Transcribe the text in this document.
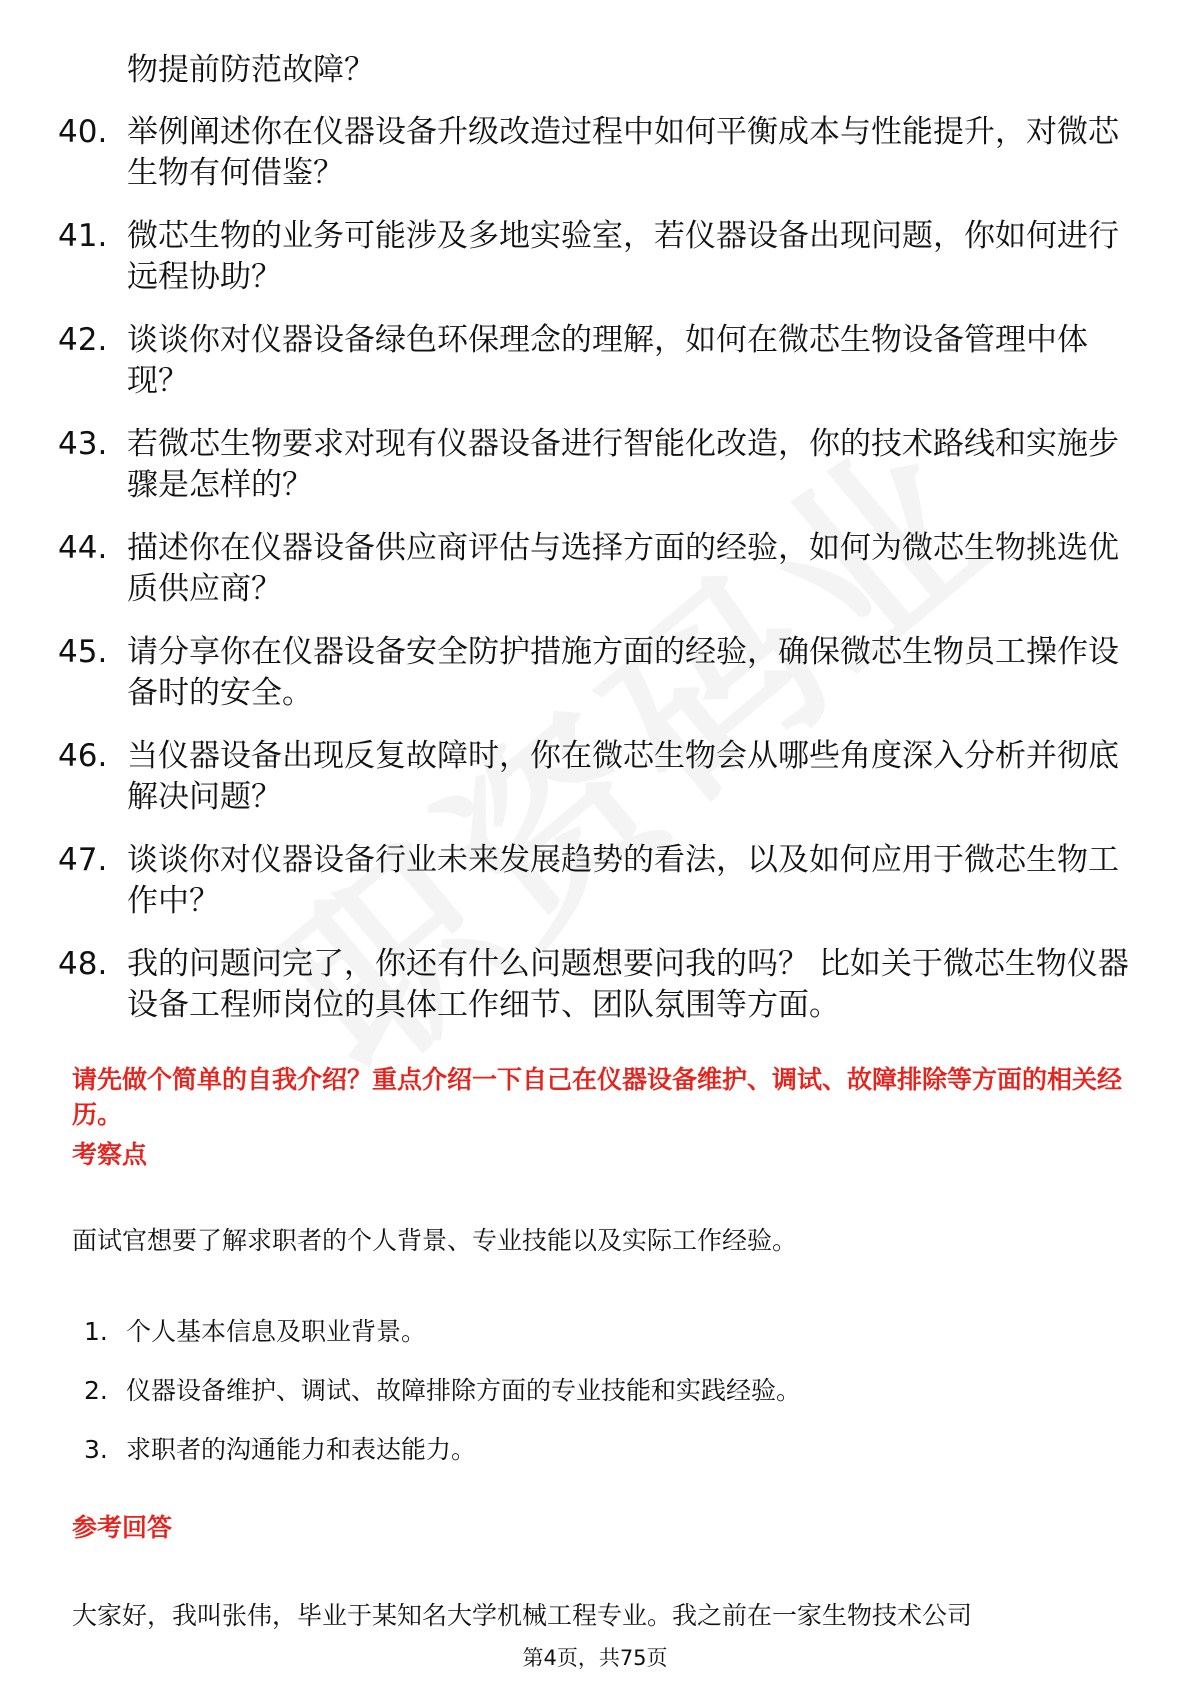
物提前防范故障？
40. 举例阐述你在仪器设备升级改造过程中如何平衡成本与性能提升，对微芯生物有何借鉴？
41. 微芯生物的业务可能涉及多地实验室，若仪器设备出现问题，你如何进行远程协助？
42. 谈谈你对仪器设备绿色环保理念的理解，如何在微芯生物设备管理中体现？
43. 若微芯生物要求对现有仪器设备进行智能化改造，你的技术路线和实施步骤是怎样的？
44. 描述你在仪器设备供应商评估与选择方面的经验，如何为微芯生物挑选优质供应商？
45. 请分享你在仪器设备安全防护措施方面的经验，确保微芯生物员工操作设备时的安全。
46. 当仪器设备出现反复故障时，你在微芯生物会从哪些角度深入分析并彻底解决问题？
47. 谈谈你对仪器设备行业未来发展趋势的看法，以及如何应用于微芯生物工作中？
48. 我的问题问完了，你还有什么问题想要问我的吗？ 比如关于微芯生物仪器设备工程师岗位的具体工作细节、团队氛围等方面。
请先做个简单的自我介绍？重点介绍一下自己在仪器设备维护、调试、故障排除等方面的相关经历。
考察点
面试官想要了解求职者的个人背景、专业技能以及实际工作经验。
1. 个人基本信息及职业背景。
2. 仪器设备维护、调试、故障排除方面的专业技能和实践经验。
3. 求职者的沟通能力和表达能力。
参考回答
大家好，我叫张伟，毕业于某知名大学机械工程专业。我之前在一家生物技术公司
第4页，共75页
